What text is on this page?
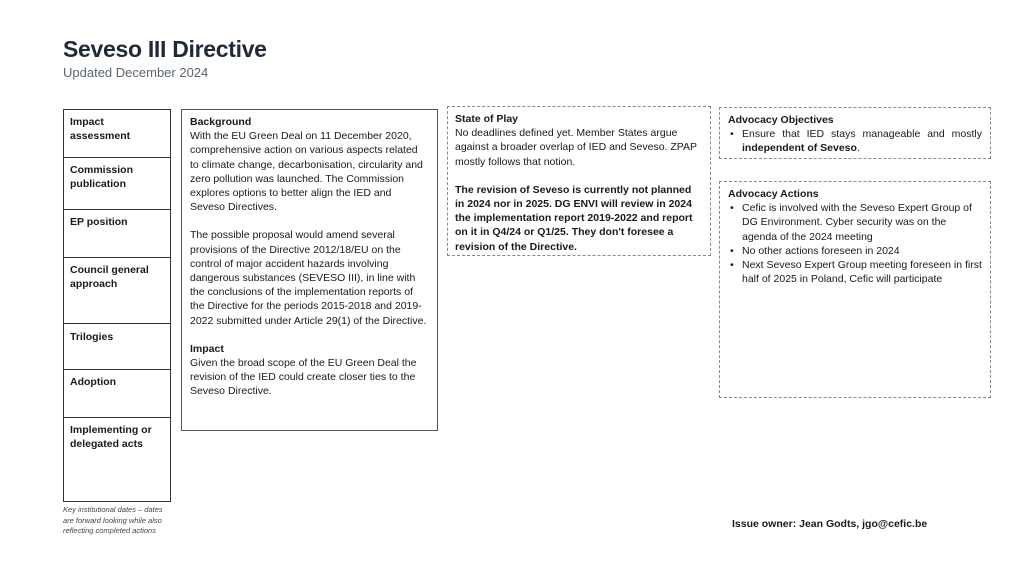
Seveso III Directive
Updated December 2024
Impact assessment
Commission publication
EP position
Council general approach
Trilogies
Adoption
Implementing or delegated acts
Key institutional dates – dates are forward looking while also reflecting completed actions

Background

With the EU Green Deal on 11 December 2020, comprehensive action on various aspects related to climate change, decarbonisation, circularity and zero pollution was launched. The Commission explores options to better align the IED and Seveso Directives.

The possible proposal would amend several provisions of the Directive 2012/18/EU on the control of major accident hazards involving dangerous substances (SEVESO III), in line with the conclusions of the implementation reports of the Directive for the periods 2015-2018 and 2019-2022 submitted under Article 29(1) of the Directive.

Impact

Given the broad scope of the EU Green Deal the revision of the IED could create closer ties to the Seveso Directive.

State of Play

No deadlines defined yet. Member States argue against a broader overlap of IED and Seveso. ZPAP mostly follows that notion.

The revision of Seveso is currently not planned in 2024 nor in 2025. DG ENVI will review in 2024 the implementation report 2019-2022 and report on it in Q4/24 or Q1/25. They don't foresee a revision of the Directive.

Advocacy Objectives

• Ensure that IED stays manageable and mostly independent of Seveso.

Advocacy Actions

• Cefic is involved with the Seveso Expert Group of DG Environment. Cyber security was on the agenda of the 2024 meeting
• No other actions foreseen in 2024
• Next Seveso Expert Group meeting foreseen in first half of 2025 in Poland, Cefic will participate
Issue owner: Jean Godts, jgo@cefic.be
